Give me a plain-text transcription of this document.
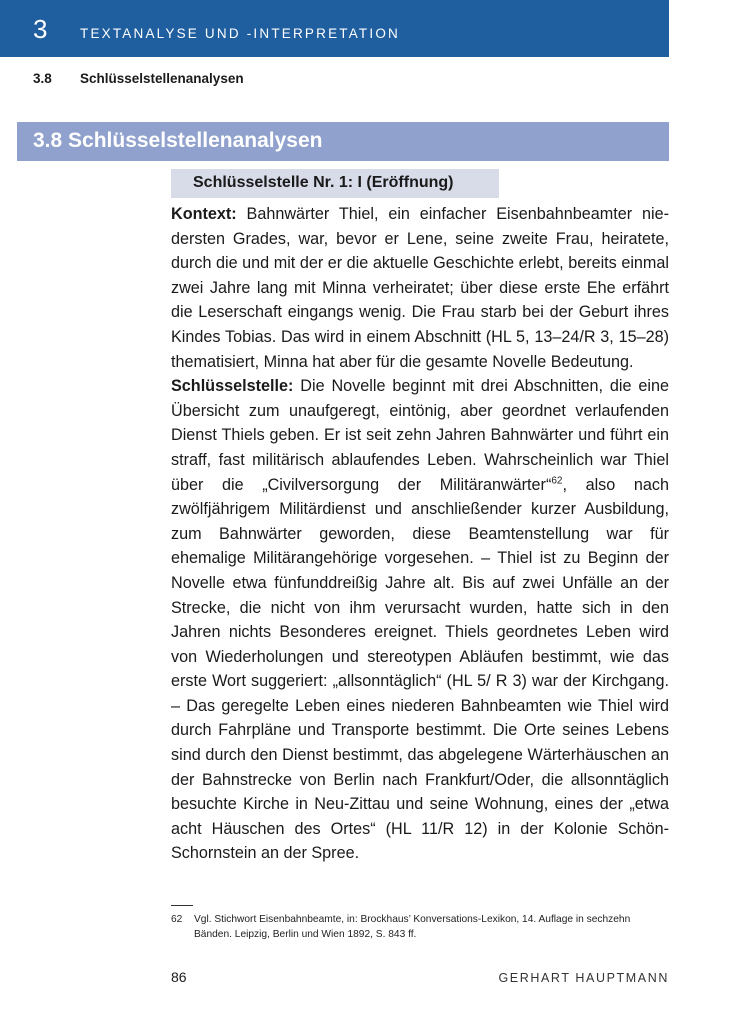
3 TEXTANALYSE UND -INTERPRETATION
3.8 Schlüsselstellenanalysen
3.8 Schlüsselstellenanalysen
Schlüsselstelle Nr. 1: I (Eröffnung)

Kontext: Bahnwärter Thiel, ein einfacher Eisenbahnbeamter niedersten Grades, war, bevor er Lene, seine zweite Frau, heiratete, durch die und mit der er die aktuelle Geschichte erlebt, bereits einmal zwei Jahre lang mit Minna verheiratet; über diese erste Ehe erfährt die Leserschaft eingangs wenig. Die Frau starb bei der Geburt ihres Kindes Tobias. Das wird in einem Abschnitt (HL 5, 13–24/R 3, 15–28) thematisiert, Minna hat aber für die gesamte Novelle Bedeutung.

Schlüsselstelle: Die Novelle beginnt mit drei Abschnitten, die eine Übersicht zum unaufgeregt, eintönig, aber geordnet verlaufenden Dienst Thiels geben. Er ist seit zehn Jahren Bahnwärter und führt ein straff, fast militärisch ablaufendes Leben. Wahrscheinlich war Thiel über die „Civilversorgung der Militäranwärter“$^{62}$, also nach zwölfjährigem Militärdienst und anschließender kurzer Ausbildung, zum Bahnwärter geworden, diese Beamtenstellung war für ehemalige Militärangehörige vorgesehen. – Thiel ist zu Beginn der Novelle etwa fünfunddreißig Jahre alt. Bis auf zwei Unfälle an der Strecke, die nicht von ihm verursacht wurden, hatte sich in den Jahren nichts Besonderes ereignet. Thiels geordnetes Leben wird von Wiederholungen und stereotypen Abläufen bestimmt, wie das erste Wort suggeriert: „allsonntäglich“ (HL 5/ R 3) war der Kirchgang. – Das geregelte Leben eines niederen Bahnbeamten wie Thiel wird durch Fahrpläne und Transporte bestimmt. Die Orte seines Lebens sind durch den Dienst bestimmt, das abgelegene Wärterhäuschen an der Bahnstrecke von Berlin nach Frankfurt/Oder, die allsonntäglich besuchte Kirche in Neu-Zittau und seine Wohnung, eines der „etwa acht Häuschen des Ortes“ (HL 11/R 12) in der Kolonie Schön-Schornstein an der Spree.

62 Vgl. Stichwort Eisenbahnbeamte, in: Brockhaus’ Konversations-Lexikon, 14. Auflage in sechzehn Bänden. Leipzig, Berlin und Wien 1892, S. 843 ff.
86	GERHART HAUPTMANN
